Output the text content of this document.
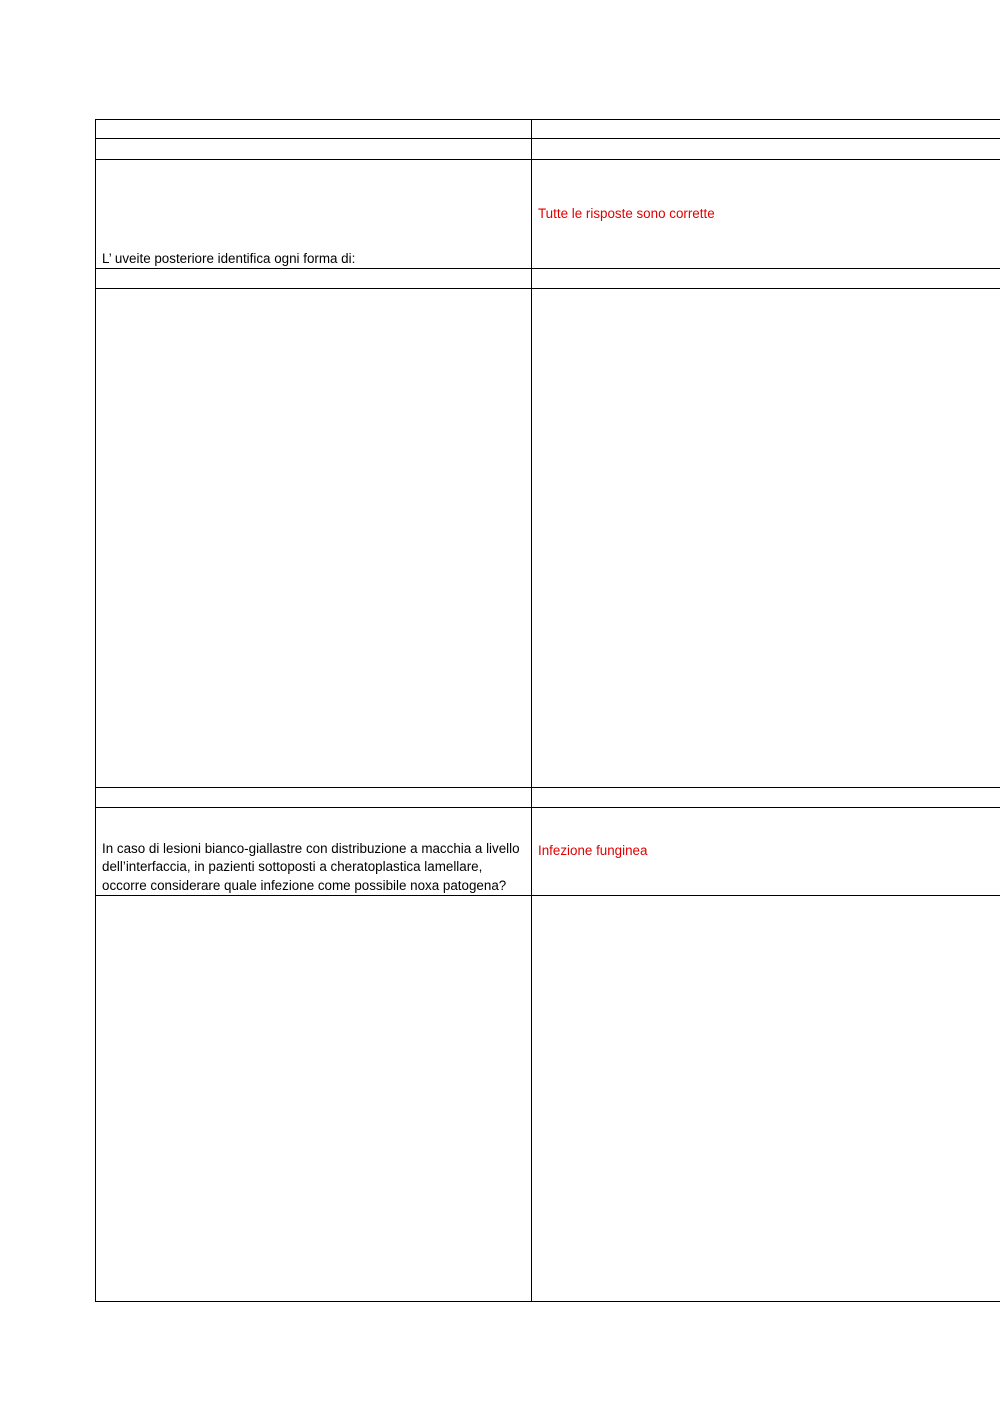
L’ uveite posteriore identifica ogni forma di:	Tutte le risposte sono corrette

In caso di lesioni bianco-giallastre con distribuzione a macchia a livello dell’interfaccia, in pazienti sottoposti a cheratoplastica lamellare, occorre considerare quale infezione come possibile noxa patogena?	Infezione funginea
